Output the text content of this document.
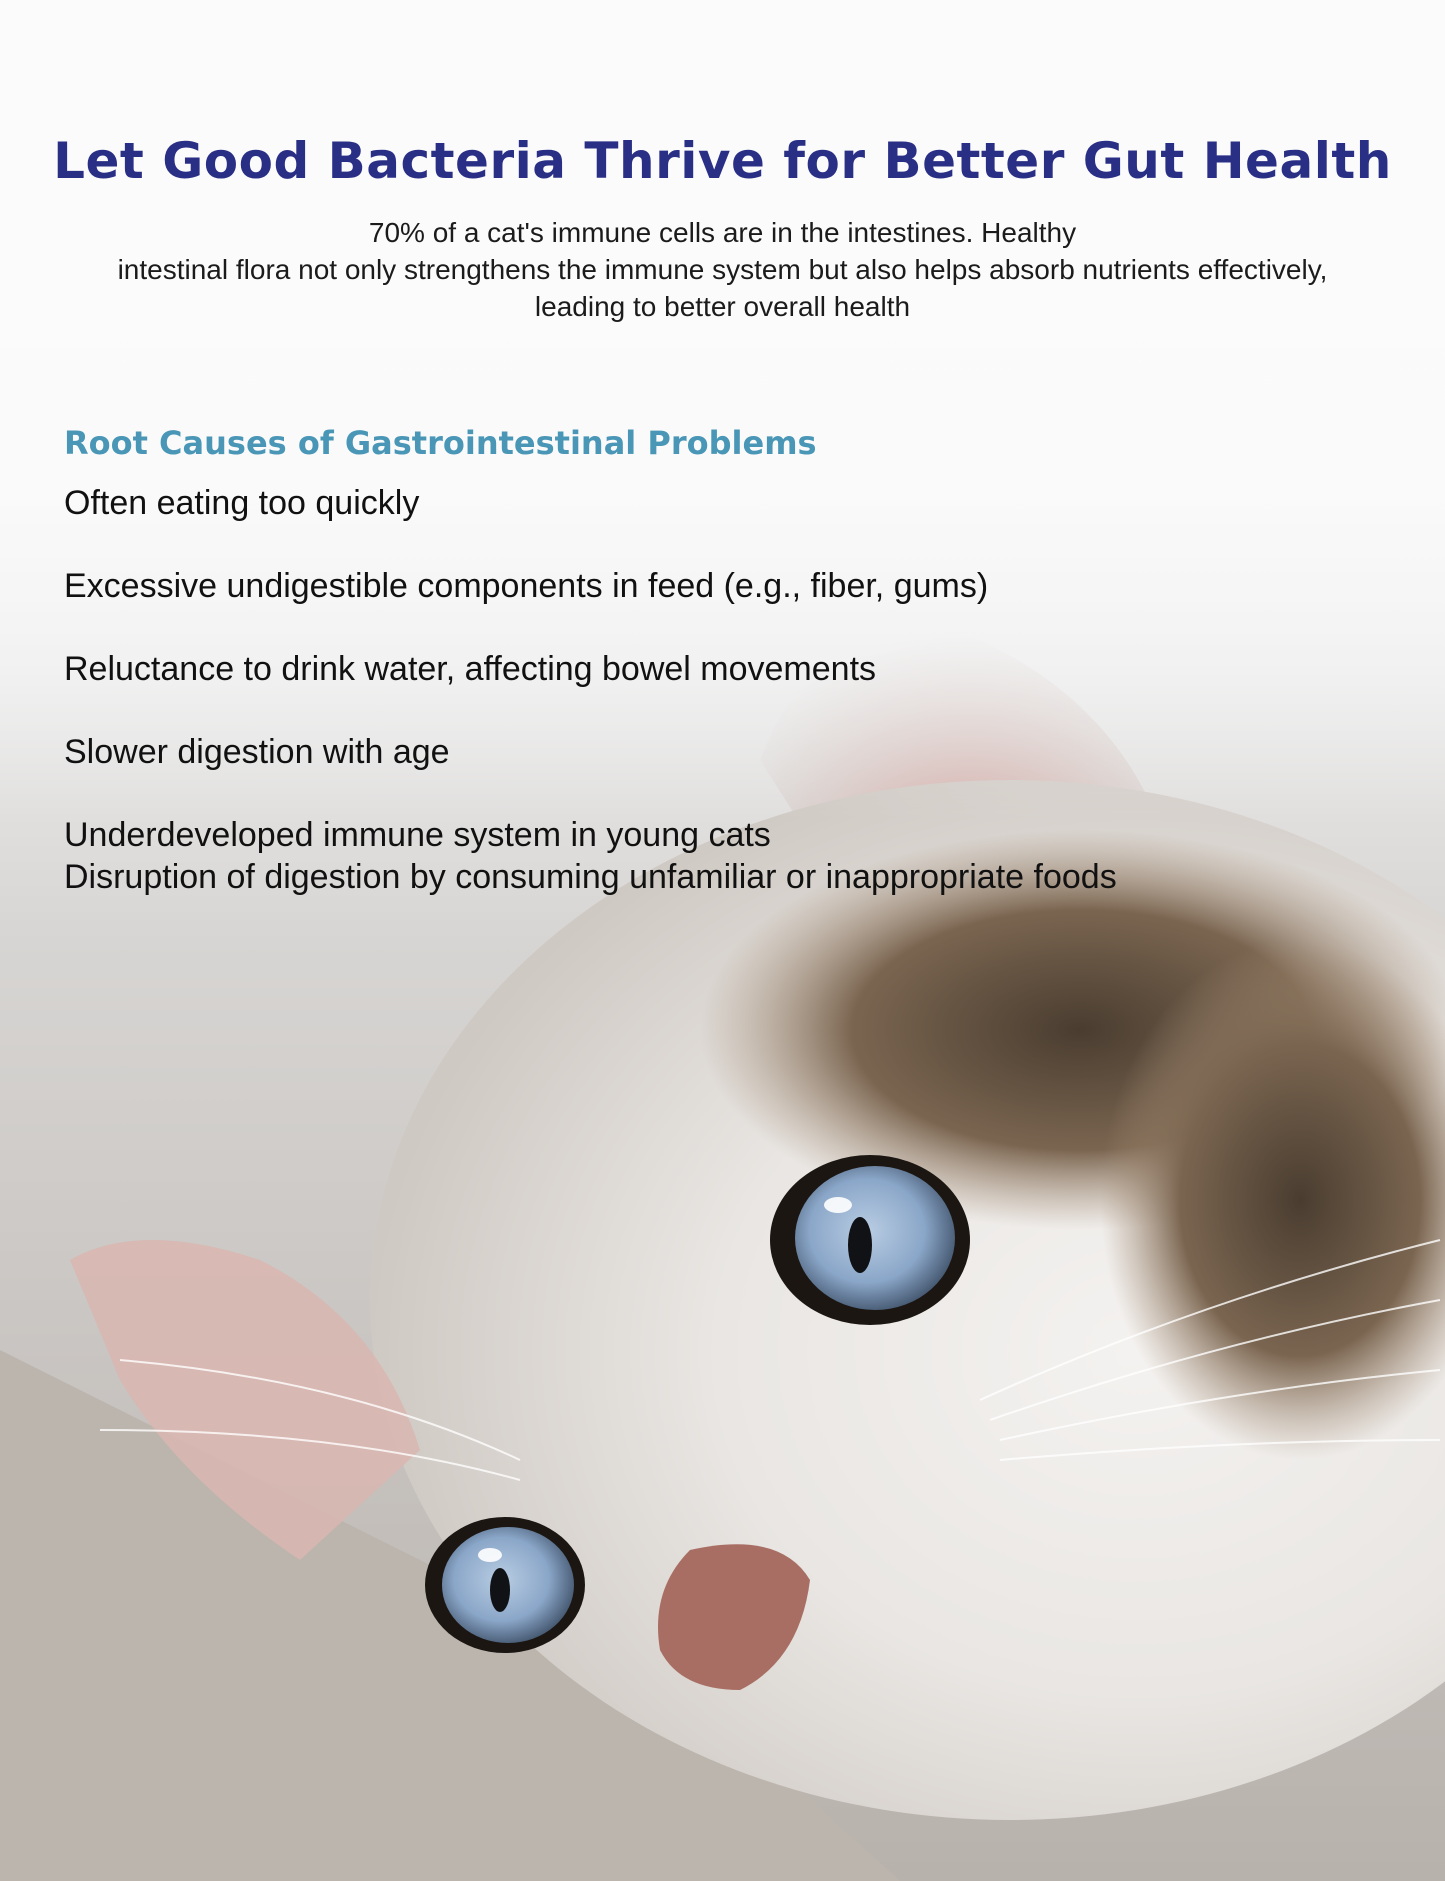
Let Good Bacteria Thrive for Better Gut Health
70% of a cat's immune cells are in the intestines. Healthy
intestinal flora not only strengthens the immune system but also helps absorb nutrients effectively,
leading to better overall health
Root Causes of Gastrointestinal Problems
Often eating too quickly
Excessive undigestible components in feed (e.g., fiber, gums)
Reluctance to drink water, affecting bowel movements
Slower digestion with age
Underdeveloped immune system in young cats
Disruption of digestion by consuming unfamiliar or inappropriate foods
